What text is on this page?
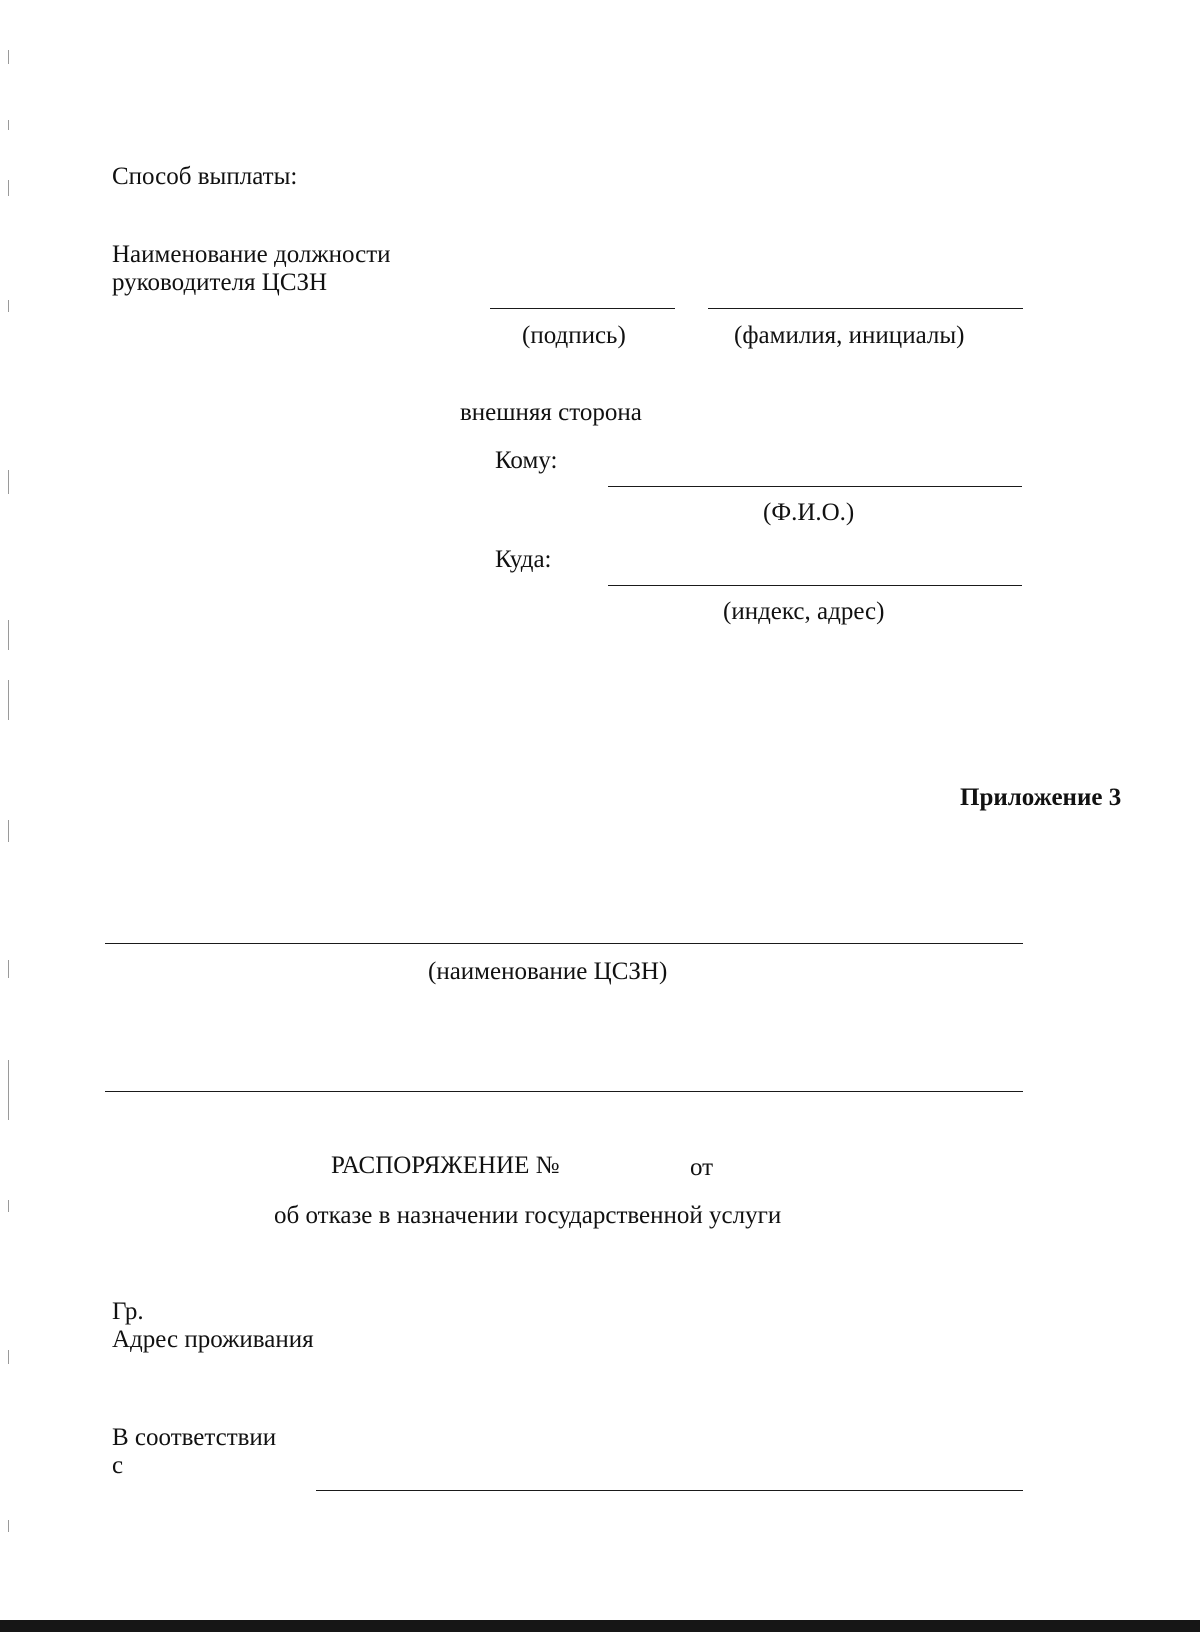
Способ выплаты:
Наименование должности
руководителя ЦСЗН
(подпись)	(фамилия, инициалы)
внешняя сторона
Кому:
(Ф.И.О.)
Куда:
(индекс, адрес)
Приложение 3
(наименование ЦСЗН)
РАСПОРЯЖЕНИЕ №	от
об отказе в назначении государственной услуги
Гр.
Адрес проживания
В соответствии
с
